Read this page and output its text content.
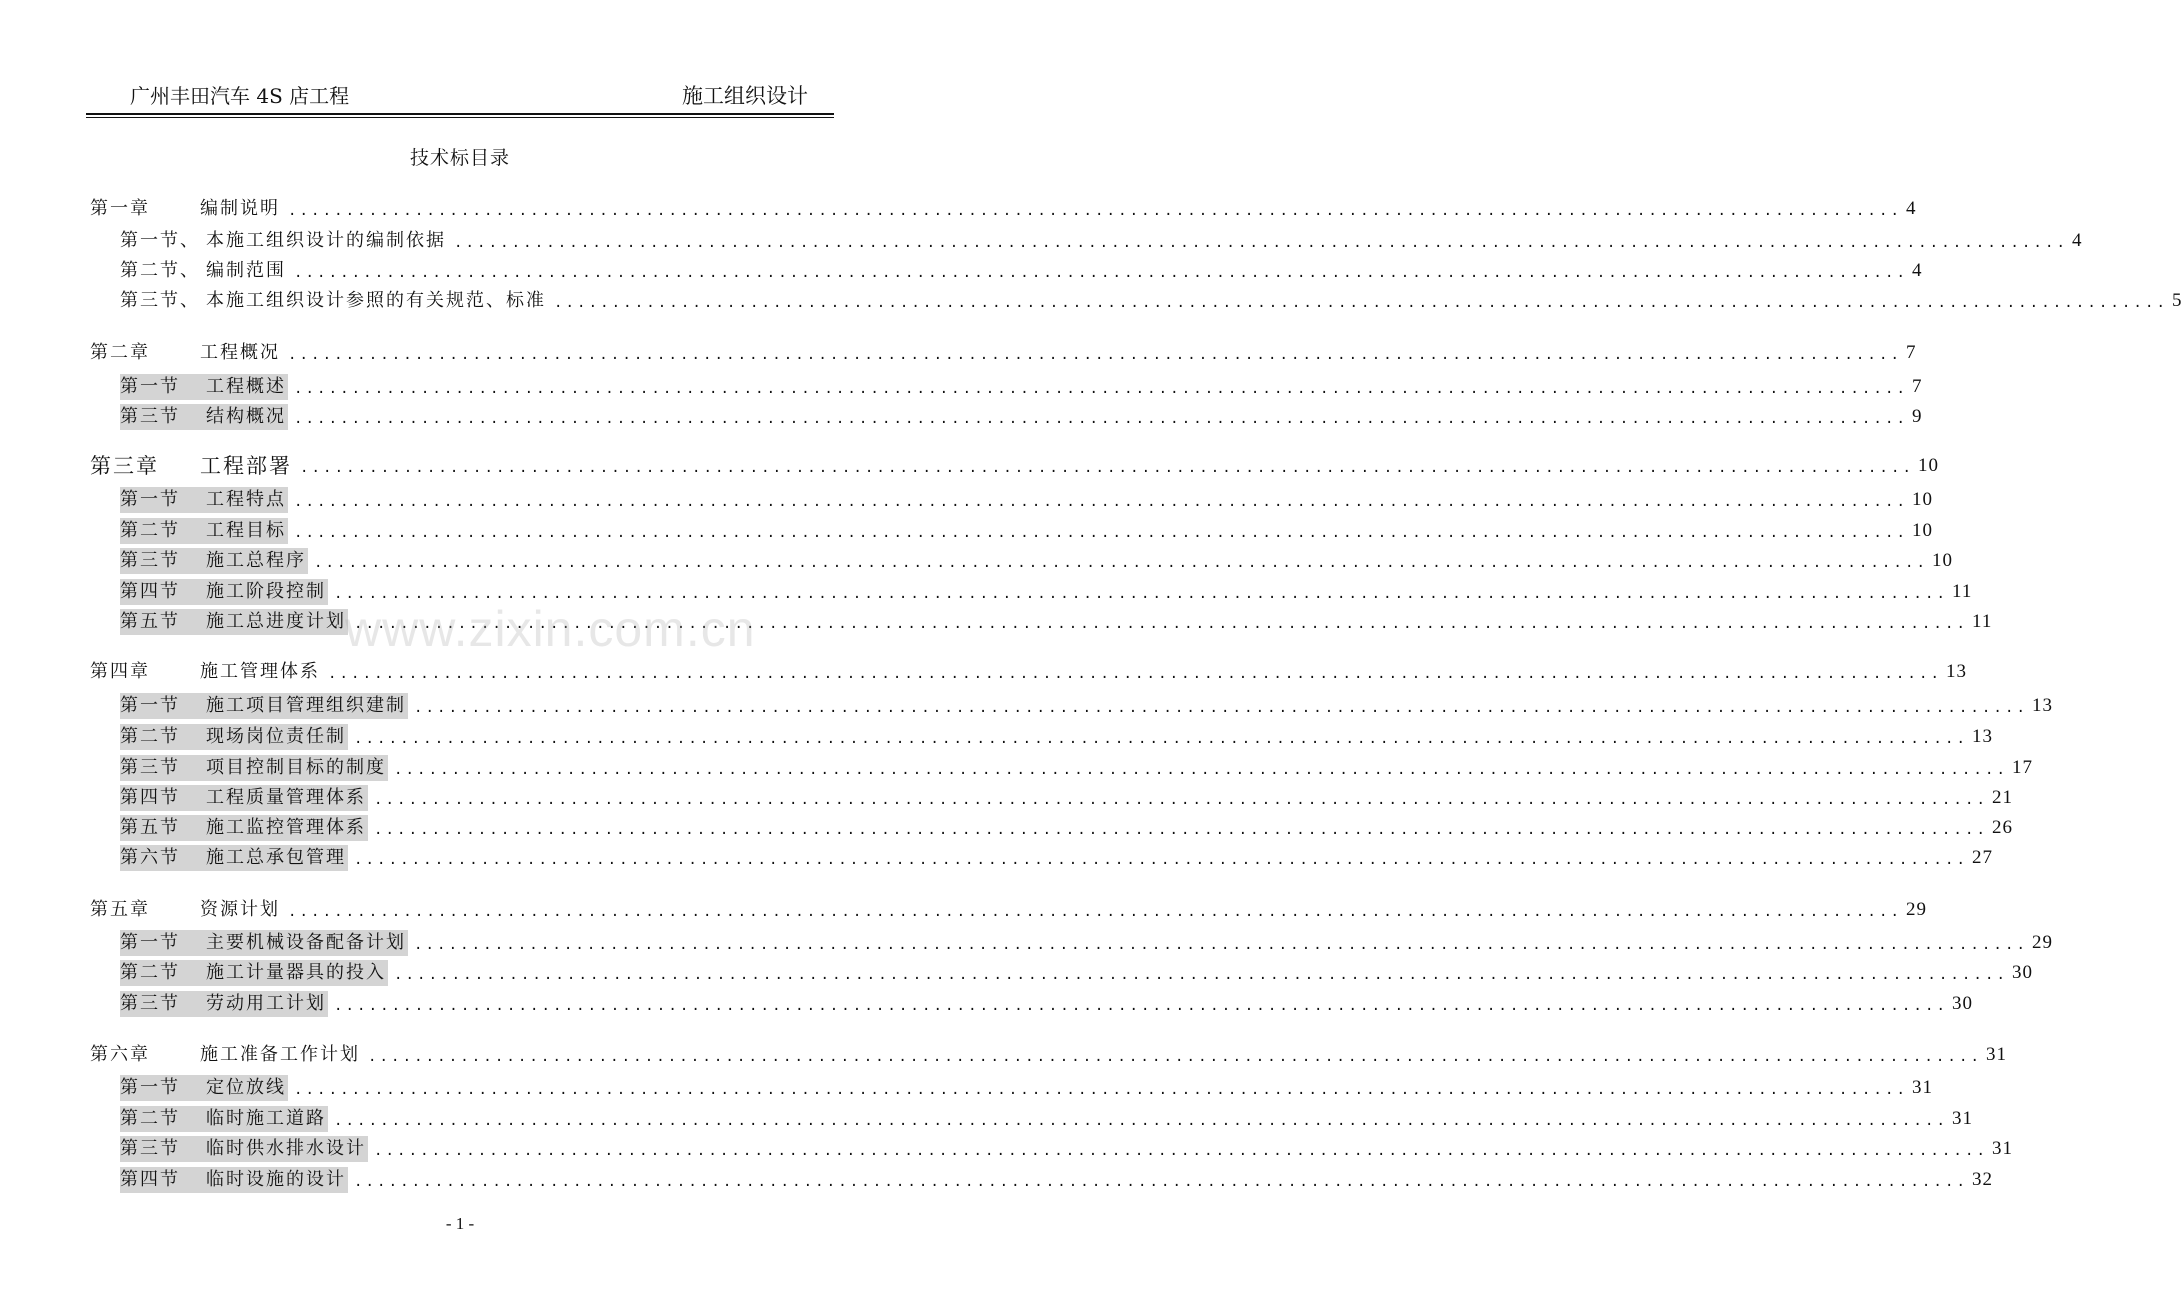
广州丰田汽车 4S 店工程	施工组织设计
技术标目录
第一章	编制说明 ............................................................................................................................................ 4
第一节、 本施工组织设计的编制依据 ............................................................................................................................................ 4
第二节、 编制范围 ............................................................................................................................................ 4
第三节、 本施工组织设计参照的有关规范、标准 ............................................................................................................................................ 5
第二章	工程概况 ............................................................................................................................................ 7
第一节	工程概述 ............................................................................................................................................ 7
第三节	结构概况 ............................................................................................................................................ 9
第三章	工程部署 ............................................................................................................................................ 10
第一节	工程特点 ............................................................................................................................................ 10
第二节	工程目标 ............................................................................................................................................ 10
第三节	施工总程序 ............................................................................................................................................ 10
第四节	施工阶段控制 ............................................................................................................................................ 11
第五节	施工总进度计划 ............................................................................................................................................ 11
第四章	施工管理体系 ............................................................................................................................................ 13
第一节	施工项目管理组织建制 ............................................................................................................................................ 13
第二节	现场岗位责任制 ............................................................................................................................................ 13
第三节	项目控制目标的制度 ............................................................................................................................................ 17
第四节	工程质量管理体系 ............................................................................................................................................ 21
第五节	施工监控管理体系 ............................................................................................................................................ 26
第六节	施工总承包管理 ............................................................................................................................................ 27
第五章	资源计划 ............................................................................................................................................ 29
第一节	主要机械设备配备计划 ............................................................................................................................................ 29
第二节	施工计量器具的投入 ............................................................................................................................................ 30
第三节	劳动用工计划 ............................................................................................................................................ 30
第六章	施工准备工作计划 ............................................................................................................................................ 31
第一节	定位放线 ............................................................................................................................................ 31
第二节	临时施工道路 ............................................................................................................................................ 31
第三节	临时供水排水设计 ............................................................................................................................................ 31
第四节	临时设施的设计 ............................................................................................................................................ 32
www.zixin.com.cn
- 1 -
